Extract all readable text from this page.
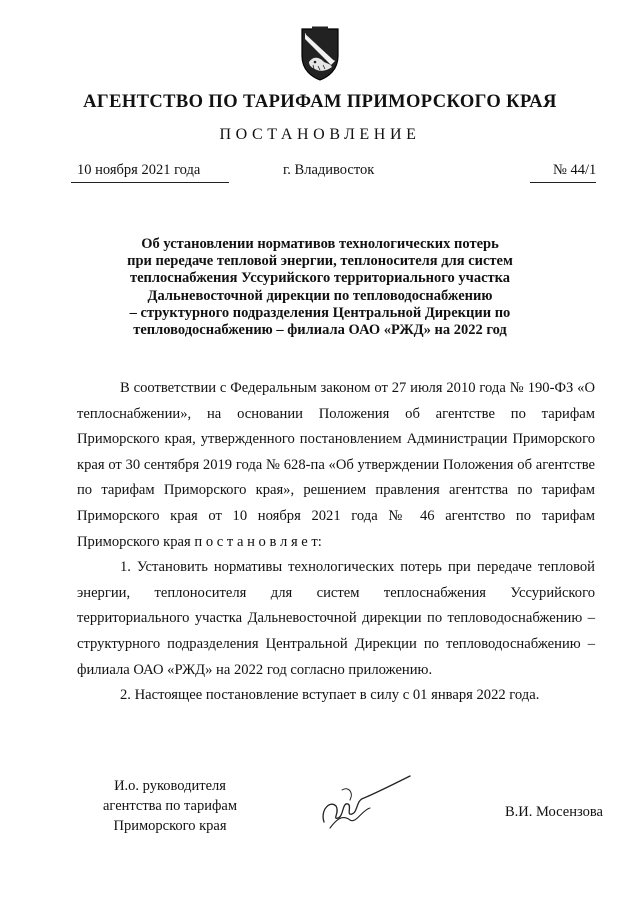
АГЕНТСТВО ПО ТАРИФАМ ПРИМОРСКОГО КРАЯ
ПОСТАНОВЛЕНИЕ
10 ноября 2021 года	г. Владивосток	№ 44/1
Об установлении нормативов технологических потерь
при передаче тепловой энергии, теплоносителя для систем
теплоснабжения Уссурийского территориального участка
Дальневосточной дирекции по тепловодоснабжению
– структурного подразделения Центральной Дирекции по
тепловодоснабжению – филиала ОАО «РЖД» на 2022 год

В соответствии с Федеральным законом от 27 июля 2010 года № 190-ФЗ «О теплоснабжении», на основании Положения об агентстве по тарифам Приморского края, утвержденного постановлением Администрации Приморского края от 30 сентября 2019 года № 628-па «Об утверждении Положения об агентстве по тарифам Приморского края», решением правления агентства по тарифам Приморского края от 10 ноября 2021 года № 46 агентство по тарифам Приморского края п о с т а н о в л я е т:

1. Установить нормативы технологических потерь при передаче тепловой энергии, теплоносителя для систем теплоснабжения Уссурийского территориального участка Дальневосточной дирекции по тепловодоснабжению – структурного подразделения Центральной Дирекции по тепловодоснабжению – филиала ОАО «РЖД» на 2022 год согласно приложению.

2. Настоящее постановление вступает в силу с 01 января 2022 года.

И.о. руководителя
агентства по тарифам
Приморского края
В.И. Мосензова
